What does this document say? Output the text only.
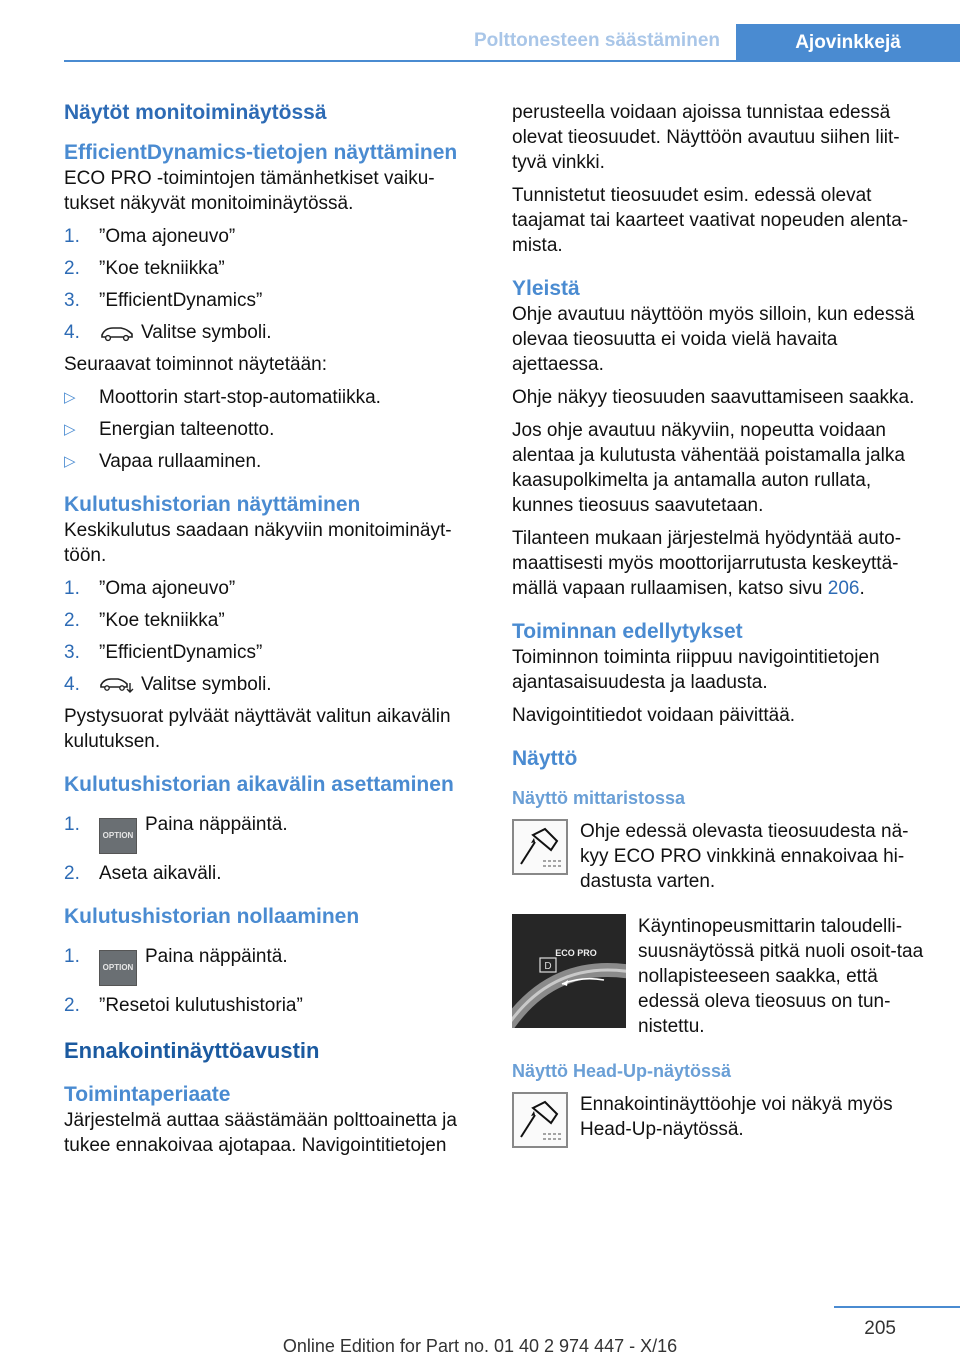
Polttonesteen säästäminen	Ajovinkkejä
Näytöt monitoiminäytössä
EfficientDynamics-tietojen näyttäminen

ECO PRO -toimintojen tämänhetkiset vaiku-tukset näkyvät monitoiminäytössä.

1. ”Oma ajoneuvo”
2. ”Koe tekniikka”
3. ”EfficientDynamics”
4.	Valitse symboli.

Seuraavat toiminnot näytetään:

▷ Moottorin start-stop-automatiikka.
▷ Energian talteenotto.
▷ Vapaa rullaaminen.
Kulutushistorian näyttäminen

Keskikulutus saadaan näkyviin monitoiminäyt-töön.

1. ”Oma ajoneuvo”
2. ”Koe tekniikka”
3. ”EfficientDynamics”
4.	Valitse symboli.

Pystysuorat pylväät näyttävät valitun aikavälin kulutuksen.

Kulutushistorian aikavälin asettaminen
1.
OPTIONPaina näppäintä.
2. Aseta aikaväli.
Kulutushistorian nollaaminen
1.
OPTIONPaina näppäintä.
2. ”Resetoi kulutushistoria”
Ennakointinäyttöavustin
Toimintaperiaate

Järjestelmä auttaa säästämään polttoainetta ja tukee ennakoivaa ajotapaa. Navigointitietojen

perusteella voidaan ajoissa tunnistaa edessä olevat tieosuudet. Näyttöön avautuu siihen liit-tyvä vinkki.

Tunnistetut tieosuudet esim. edessä olevat taajamat tai kaarteet vaativat nopeuden alenta-mista.

Yleistä

Ohje avautuu näyttöön myös silloin, kun edessä olevaa tieosuutta ei voida vielä havaita ajettaessa.

Ohje näkyy tieosuuden saavuttamiseen saakka.

Jos ohje avautuu näkyviin, nopeutta voidaan alentaa ja kulutusta vähentää poistamalla jalka kaasupolkimelta ja antamalla auton rullata, kunnes tieosuus saavutetaan.

Tilanteen mukaan järjestelmä hyödyntää auto-maattisesti myös moottorijarrutusta keskeyttä-mällä vapaan rullaamisen, katso sivu 206.

Toiminnan edellytykset

Toiminnon toiminta riippuu navigointitietojen ajantasaisuudesta ja laadusta.

Navigointitiedot voidaan päivittää.

Näyttö
Näyttö mittaristossa
Ohje edessä olevasta tieosuudesta nä-kyy ECO PRO vinkkinä ennakoivaa hi-dastusta varten.
D
ECO PRO
Käyntinopeusmittarin taloudelli-suusnäytössä pitkä nuoli osoit-taa nollapisteeseen saakka, että edessä oleva tieosuus on tun-nistettu.
Näyttö Head-Up-näytössä
Ennakointinäyttöohje voi näkyä myös Head-Up-näytössä.
205
Online Edition for Part no. 01 40 2 974 447 - X/16
